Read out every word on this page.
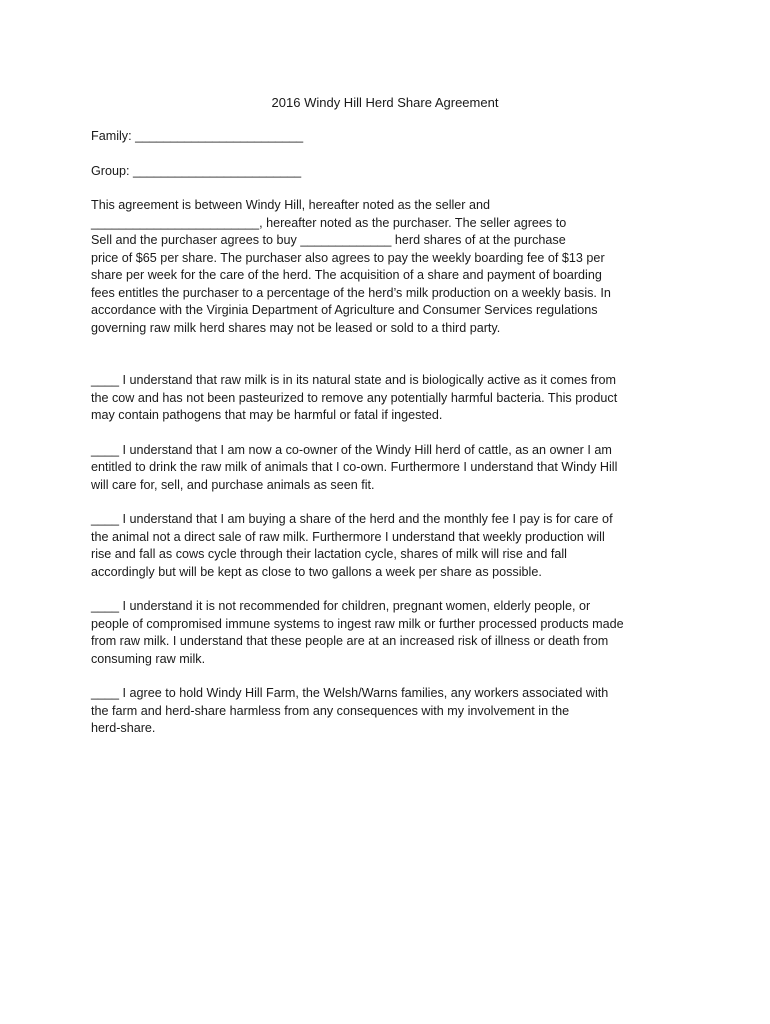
2016 Windy Hill Herd Share Agreement

Family: ________________________

Group: ________________________

This agreement is between Windy Hill, hereafter noted as the seller and
________________________, hereafter noted as the purchaser. The seller agrees to
Sell and the purchaser agrees to buy _____________ herd shares of at the purchase
price of $65 per share. The purchaser also agrees to pay the weekly boarding fee of $13 per
share per week for the care of the herd. The acquisition of a share and payment of boarding
fees entitles the purchaser to a percentage of the herd’s milk production on a weekly basis. In
accordance with the Virginia Department of Agriculture and Consumer Services regulations
governing raw milk herd shares may not be leased or sold to a third party.

____ I understand that raw milk is in its natural state and is biologically active as it comes from
the cow and has not been pasteurized to remove any potentially harmful bacteria. This product
may contain pathogens that may be harmful or fatal if ingested.

____ I understand that I am now a co-owner of the Windy Hill herd of cattle, as an owner I am
entitled to drink the raw milk of animals that I co-own. Furthermore I understand that Windy Hill
will care for, sell, and purchase animals as seen fit.

____ I understand that I am buying a share of the herd and the monthly fee I pay is for care of
the animal not a direct sale of raw milk. Furthermore I understand that weekly production will
rise and fall as cows cycle through their lactation cycle, shares of milk will rise and fall
accordingly but will be kept as close to two gallons a week per share as possible.

____ I understand it is not recommended for children, pregnant women, elderly people, or
people of compromised immune systems to ingest raw milk or further processed products made
from raw milk. I understand that these people are at an increased risk of illness or death from
consuming raw milk.

____ I agree to hold Windy Hill Farm, the Welsh/Warns families, any workers associated with
the farm and herd-share harmless from any consequences with my involvement in the
herd-share.
